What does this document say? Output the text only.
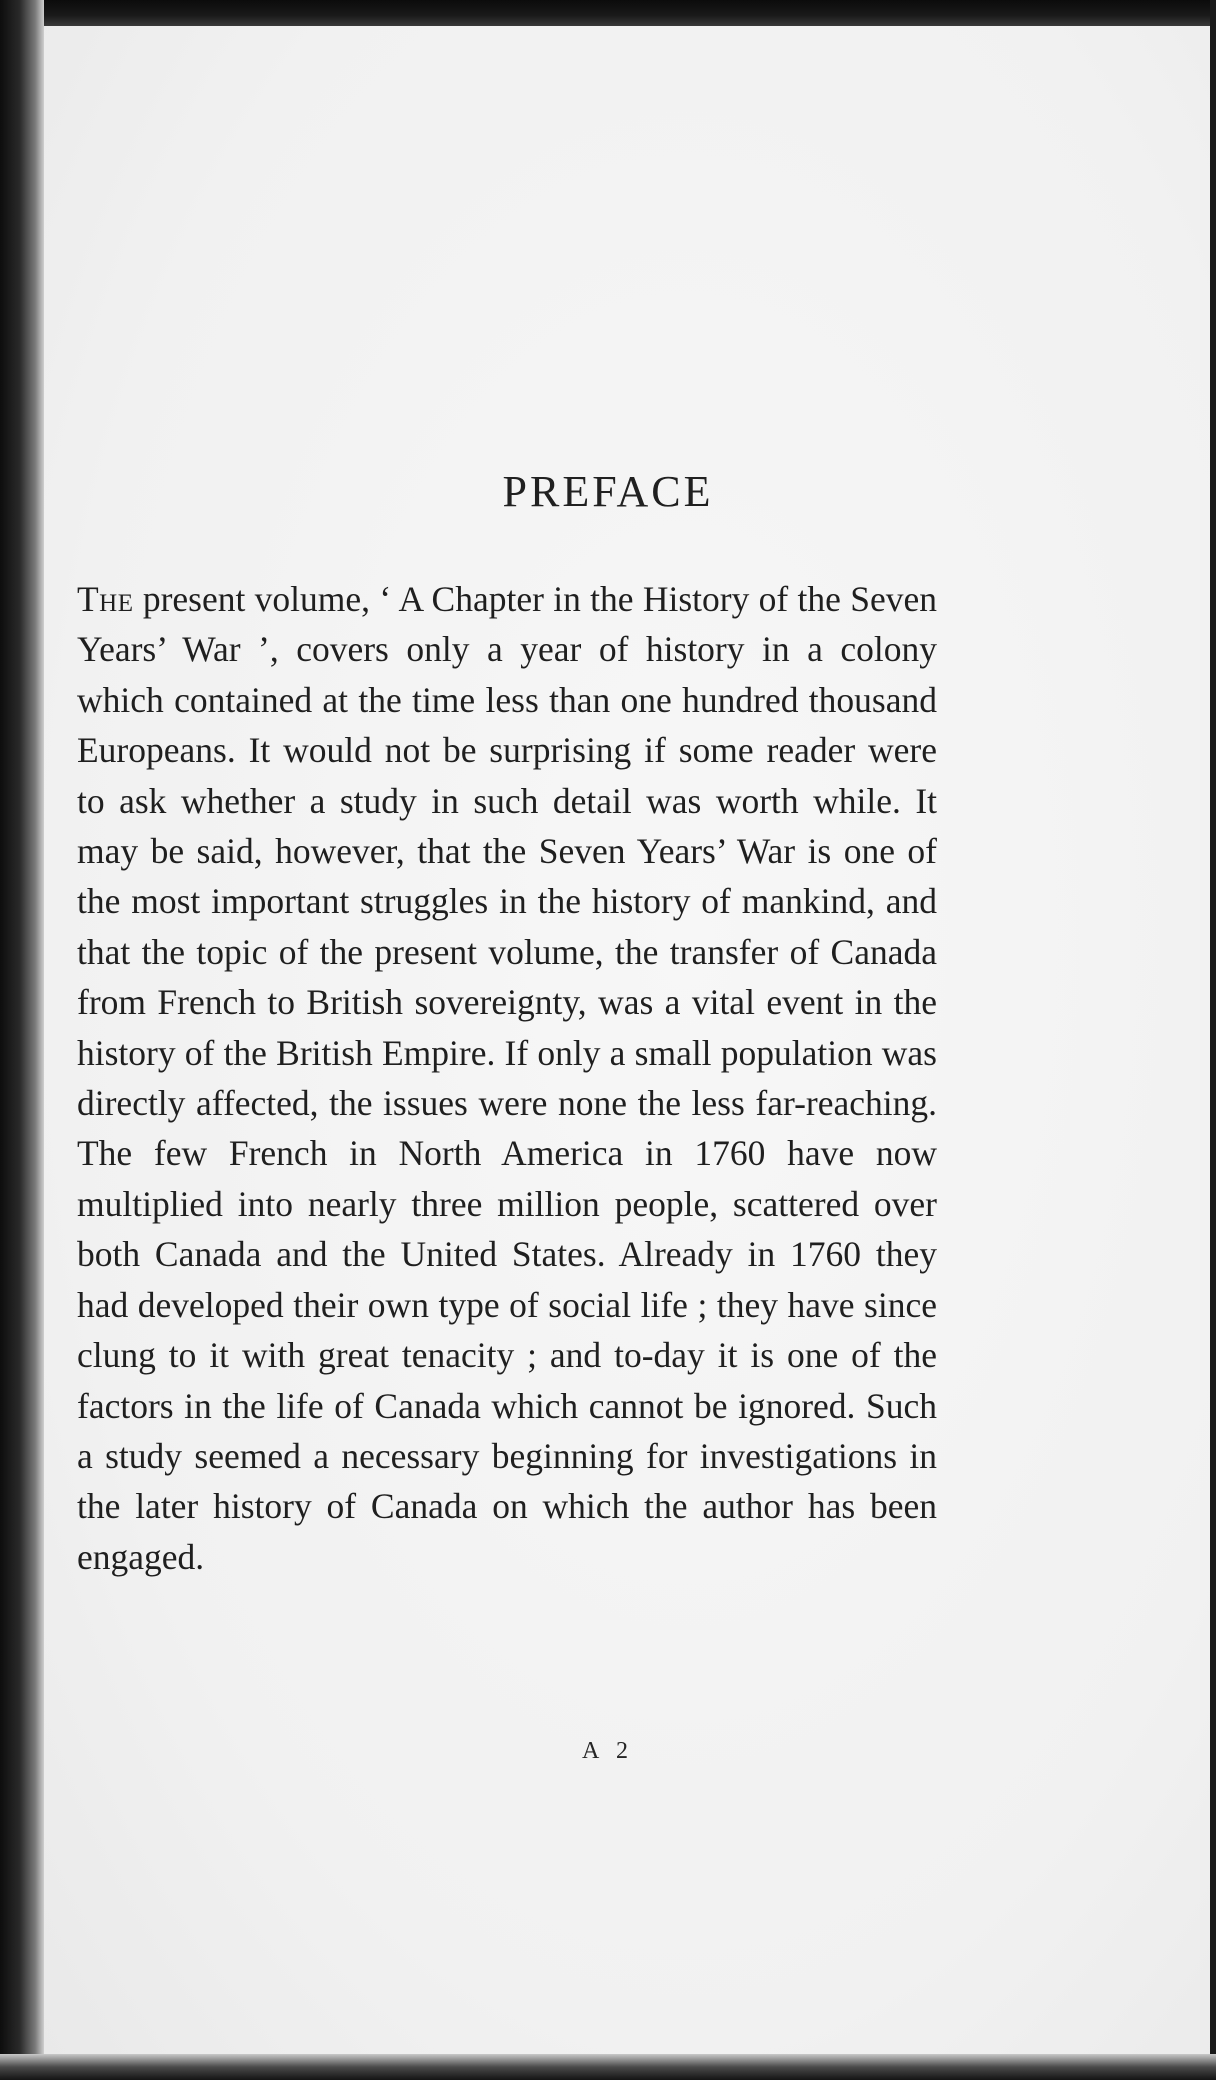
PREFACE

The present volume, ‘ A Chapter in the History of the Seven Years’ War ’, covers only a year of history in a colony which contained at the time less than one hundred thousand Europeans. It would not be surprising if some reader were to ask whether a study in such detail was worth while. It may be said, however, that the Seven Years’ War is one of the most important struggles in the history of mankind, and that the topic of the present volume, the transfer of Canada from French to British sovereignty, was a vital event in the history of the British Empire. If only a small population was directly affected, the issues were none the less far-reaching. The few French in North America in 1760 have now multiplied into nearly three million people, scattered over both Canada and the United States. Already in 1760 they had developed their own type of social life ; they have since clung to it with great tenacity ; and to-day it is one of the factors in the life of Canada which cannot be ignored. Such a study seemed a necessary beginning for investigations in the later history of Canada on which the author has been engaged.

A 2
